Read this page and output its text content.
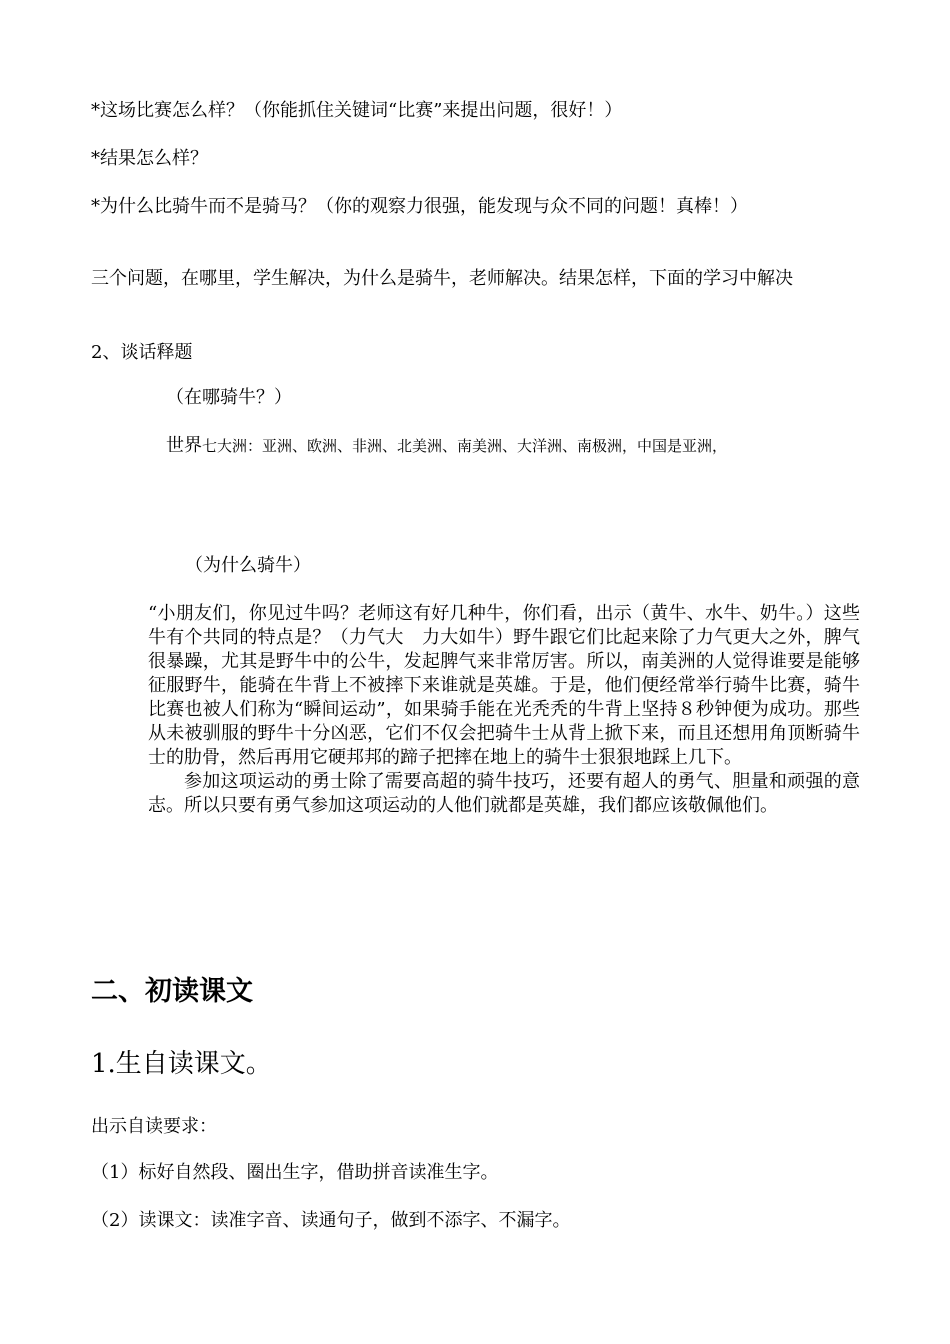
*这场比赛怎么样？（你能抓住关键词“比赛”来提出问题，很好！）
*结果怎么样？
*为什么比骑牛而不是骑马？（你的观察力很强，能发现与众不同的问题！真棒！）
三个问题，在哪里，学生解决，为什么是骑牛，老师解决。结果怎样，下面的学习中解决
2、谈话释题
（在哪骑牛？）
世界七大洲：亚洲、欧洲、非洲、北美洲、南美洲、大洋洲、南极洲，中国是亚洲，
（为什么骑牛）

“小朋友们，你见过牛吗？老师这有好几种牛，你们看，出示（黄牛、水牛、奶牛。）这些牛有个共同的特点是？（力气大　力大如牛）野牛跟它们比起来除了力气更大之外，脾气很暴躁，尤其是野牛中的公牛，发起脾气来非常厉害。所以，南美洲的人觉得谁要是能够征服野牛，能骑在牛背上不被摔下来谁就是英雄。于是，他们便经常举行骑牛比赛，骑牛比赛也被人们称为“瞬间运动”，如果骑手能在光秃秃的牛背上坚持８秒钟便为成功。那些从未被驯服的野牛十分凶恶，它们不仅会把骑牛士从背上掀下来，而且还想用角顶断骑牛士的肋骨，然后再用它硬邦邦的蹄子把摔在地上的骑牛士狠狠地踩上几下。

参加这项运动的勇士除了需要高超的骑牛技巧，还要有超人的勇气、胆量和顽强的意志。所以只要有勇气参加这项运动的人他们就都是英雄，我们都应该敬佩他们。

二、初读课文
1.生自读课文。
出示自读要求：
（1）标好自然段、圈出生字，借助拼音读准生字。
（2）读课文：读准字音、读通句子，做到不添字、不漏字。
